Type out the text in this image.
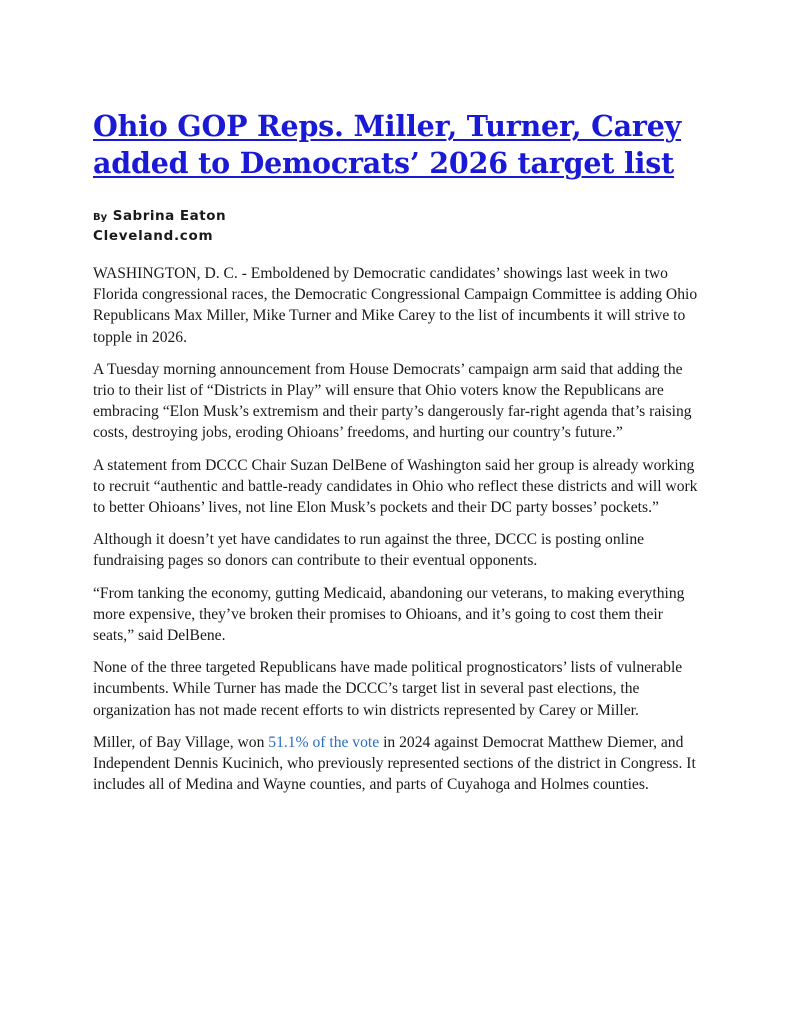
Ohio GOP Reps. Miller, Turner, Carey added to Democrats’ 2026 target list
By Sabrina Eaton
Cleveland.com

WASHINGTON, D. C. - Emboldened by Democratic candidates’ showings last week in two Florida congressional races, the Democratic Congressional Campaign Committee is adding Ohio Republicans Max Miller, Mike Turner and Mike Carey to the list of incumbents it will strive to topple in 2026.

A Tuesday morning announcement from House Democrats’ campaign arm said that adding the trio to their list of “Districts in Play” will ensure that Ohio voters know the Republicans are embracing “Elon Musk’s extremism and their party’s dangerously far-right agenda that’s raising costs, destroying jobs, eroding Ohioans’ freedoms, and hurting our country’s future.”

A statement from DCCC Chair Suzan DelBene of Washington said her group is already working to recruit “authentic and battle-ready candidates in Ohio who reflect these districts and will work to better Ohioans’ lives, not line Elon Musk’s pockets and their DC party bosses’ pockets.”

Although it doesn’t yet have candidates to run against the three, DCCC is posting online fundraising pages so donors can contribute to their eventual opponents.

“From tanking the economy, gutting Medicaid, abandoning our veterans, to making everything more expensive, they’ve broken their promises to Ohioans, and it’s going to cost them their seats,” said DelBene.

None of the three targeted Republicans have made political prognosticators’ lists of vulnerable incumbents. While Turner has made the DCCC’s target list in several past elections, the organization has not made recent efforts to win districts represented by Carey or Miller.

Miller, of Bay Village, won 51.1% of the vote in 2024 against Democrat Matthew Diemer, and Independent Dennis Kucinich, who previously represented sections of the district in Congress. It includes all of Medina and Wayne counties, and parts of Cuyahoga and Holmes counties.
